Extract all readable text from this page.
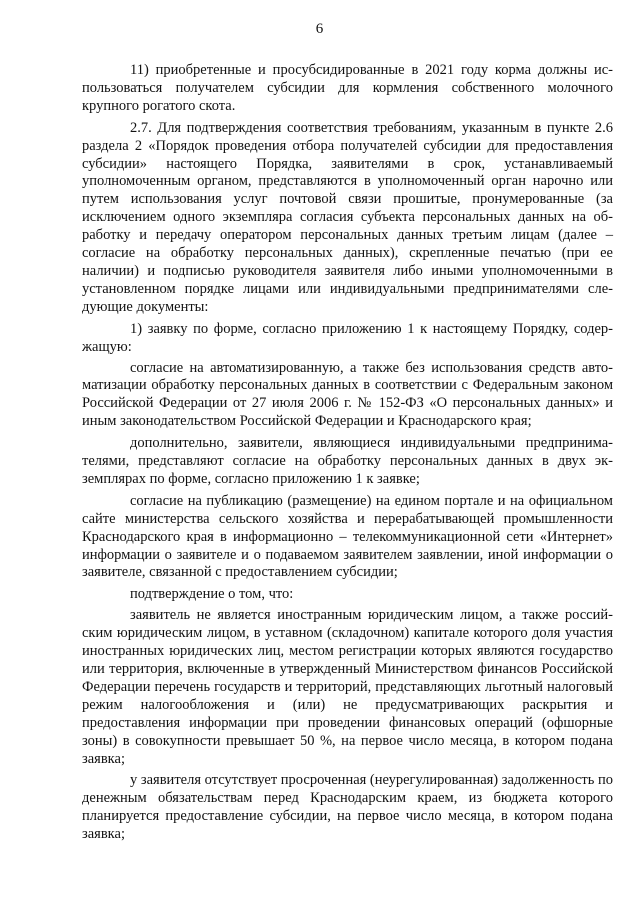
6

11) приобретенные и просубсидированные в 2021 году корма должны использоваться получателем субсидии для кормления собственного молочного крупного рогатого скота.

2.7. Для подтверждения соответствия требованиям, указанным в пункте 2.6 раздела 2 «Порядок проведения отбора получателей субсидии для предоставления субсидии» настоящего Порядка, заявителями в срок, устанавливаемый уполномоченным органом, представляются в уполномоченный орган нарочно или путем использования услуг почтовой связи прошитые, пронумерованные (за исключением одного экземпляра согласия субъекта персональных данных на обработку и передачу оператором персональных данных третьим лицам (далее – согласие на обработку персональных данных), скрепленные печатью (при ее наличии) и подписью руководителя заявителя либо иными уполномоченными в установленном порядке лицами или индивидуальными предпринимателями следующие документы:

1) заявку по форме, согласно приложению 1 к настоящему Порядку, содержащую:

согласие на автоматизированную, а также без использования средств автоматизации обработку персональных данных в соответствии с Федеральным законом Российской Федерации от 27 июля 2006 г. № 152-ФЗ «О персональных данных» и иным законодательством Российской Федерации и Краснодарского края;

дополнительно, заявители, являющиеся индивидуальными предпринимателями, представляют согласие на обработку персональных данных в двух экземплярах по форме, согласно приложению 1 к заявке;

согласие на публикацию (размещение) на едином портале и на официальном сайте министерства сельского хозяйства и перерабатывающей промышленности Краснодарского края в информационно – телекоммуникационной сети «Интернет» информации о заявителе и о подаваемом заявителем заявлении, иной информации о заявителе, связанной с предоставлением субсидии;

подтверждение о том, что:

заявитель не является иностранным юридическим лицом, а также российским юридическим лицом, в уставном (складочном) капитале которого доля участия иностранных юридических лиц, местом регистрации которых являются государство или территория, включенные в утвержденный Министерством финансов Российской Федерации перечень государств и территорий, представляющих льготный налоговый режим налогообложения и (или) не предусматривающих раскрытия и предоставления информации при проведении финансовых операций (офшорные зоны) в совокупности превышает 50 %, на первое число месяца, в котором подана заявка;

у заявителя отсутствует просроченная (неурегулированная) задолженность по денежным обязательствам перед Краснодарским краем, из бюджета которого планируется предоставление субсидии, на первое число месяца, в котором подана заявка;
